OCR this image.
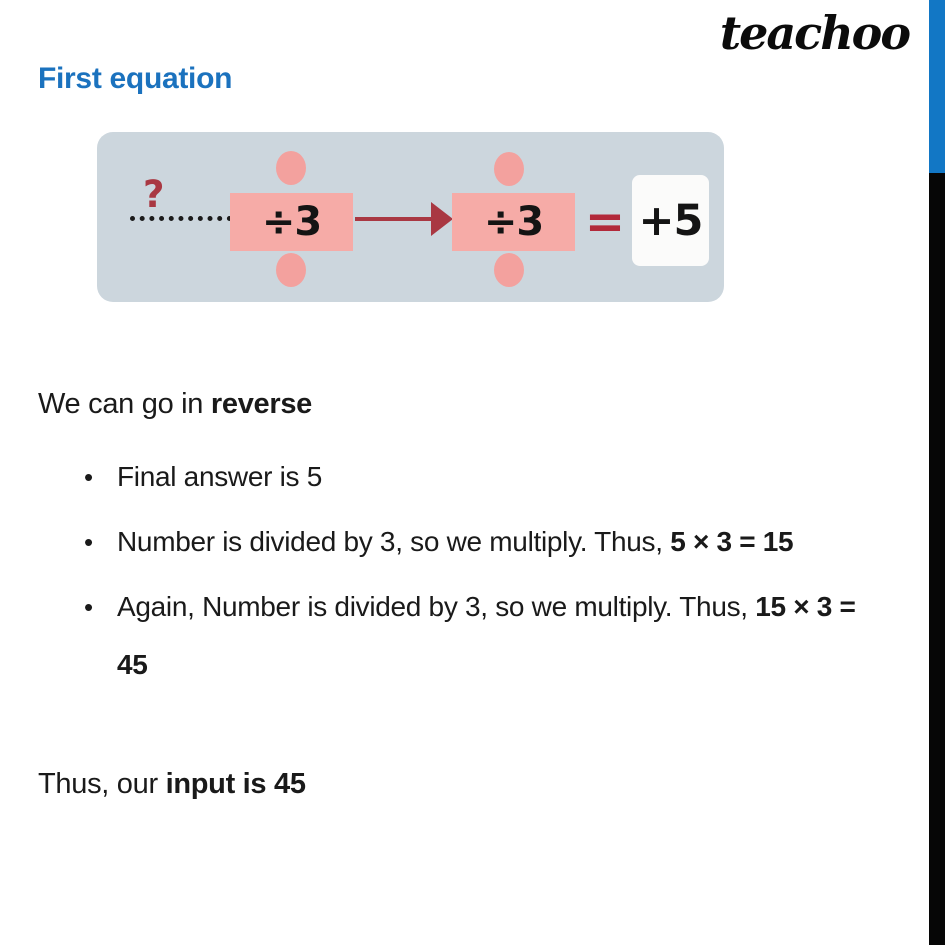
teachoo
First equation
?
÷3	÷3 = +5

We can go in reverse

• Final answer is 5
• Number is divided by 3, so we multiply. Thus, 5 × 3 = 15
• Again, Number is divided by 3, so we multiply. Thus, 15 × 3 =
45

Thus, our input is 45
